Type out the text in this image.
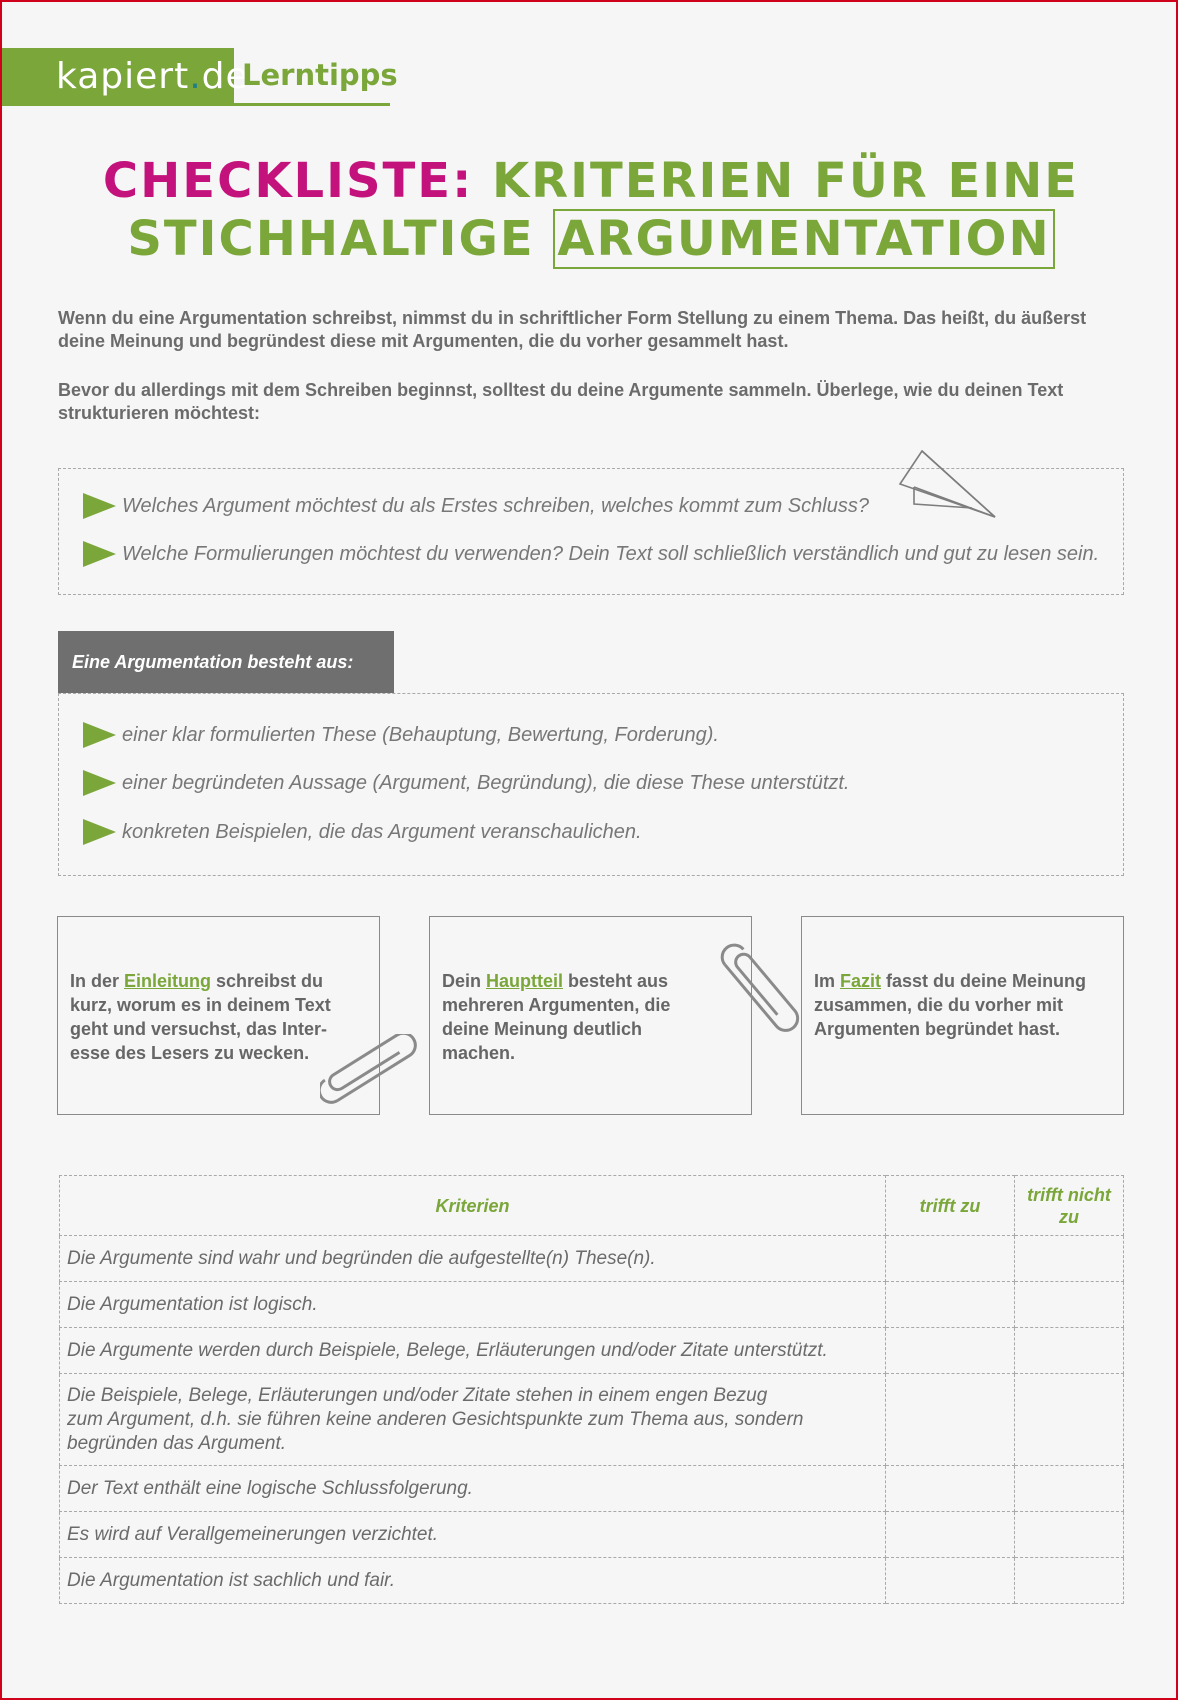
kapiert.de
Lerntipps
CHECKLISTE: KRITERIEN FÜR EINE
STICHHALTIGE ARGUMENTATION

Wenn du eine Argumentation schreibst, nimmst du in schriftlicher Form Stellung zu einem Thema. Das heißt, du äußerst deine Meinung und begründest diese mit Argumenten, die du vorher gesammelt hast.

Bevor du allerdings mit dem Schreiben beginnst, solltest du deine Argumente sammeln. Überlege, wie du deinen Text strukturieren möchtest:

Welches Argument möchtest du als Erstes schreiben, welches kommt zum Schluss?
Welche Formulierungen möchtest du verwenden? Dein Text soll schließlich verständlich und gut zu lesen sein.
Eine Argumentation besteht aus:
einer klar formulierten These (Behauptung, Bewertung, Forderung).
einer begründeten Aussage (Argument, Begründung), die diese These unterstützt.
konkreten Beispielen, die das Argument veranschaulichen.
In der Einleitung schreibst du kurz, worum es in deinem Text geht und versuchst, das Inter-esse des Lesers zu wecken.
Dein Hauptteil besteht aus mehreren Argumenten, die deine Meinung deutlich machen.
Im Fazit fasst du deine Meinung zusammen, die du vorher mit Argumenten begründet hast.
Kriterien	trifft zu	trifft nicht zu
Die Argumente sind wahr und begründen die aufgestellte(n) These(n).		
Die Argumentation ist logisch.		
Die Argumente werden durch Beispiele, Belege, Erläuterungen und/oder Zitate unterstützt.		
Die Beispiele, Belege, Erläuterungen und/oder Zitate stehen in einem engen Bezug zum Argument, d.h. sie führen keine anderen Gesichtspunkte zum Thema aus, sondern begründen das Argument.		
Der Text enthält eine logische Schlussfolgerung.		
Es wird auf Verallgemeinerungen verzichtet.		
Die Argumentation ist sachlich und fair.		
